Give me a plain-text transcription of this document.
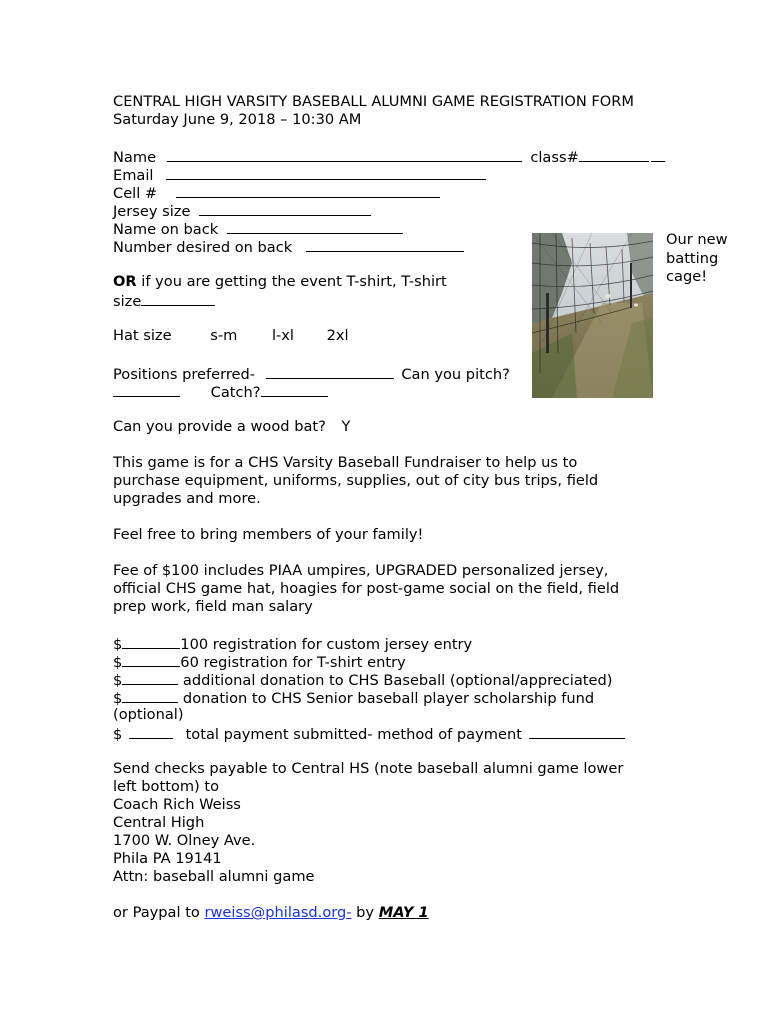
CENTRAL HIGH VARSITY BASEBALL ALUMNI GAME REGISTRATION FORM
Saturday June 9, 2018 – 10:30 AM
Name	class#
Email
Cell #
Jersey size
Name on back
Number desired on back
OR if you are getting the event T-shirt, T-shirt
size
Hat size	s-m l-xl 2xl
Positions preferred-	Can you pitch?
Catch?
Can you provide a wood bat? Y
This game is for a CHS Varsity Baseball Fundraiser to help us to
purchase equipment, uniforms, supplies, out of city bus trips, field
upgrades and more.
Feel free to bring members of your family!
Fee of $100 includes PIAA umpires, UPGRADED personalized jersey,
official CHS game hat, hoagies for post-game social on the field, field
prep work, field man salary
$	100 registration for custom jersey entry
$	60 registration for T-shirt entry
$	additional donation to CHS Baseball (optional/appreciated)
$	donation to CHS Senior baseball player scholarship fund
(optional)
$	total payment submitted- method of payment
Send checks payable to Central HS (note baseball alumni game lower
left bottom) to
Coach Rich Weiss
Central High
1700 W. Olney Ave.
Phila PA 19141
Attn: baseball alumni game
or Paypal to rweiss@philasd.org- by MAY 1
Our new
batting
cage!
